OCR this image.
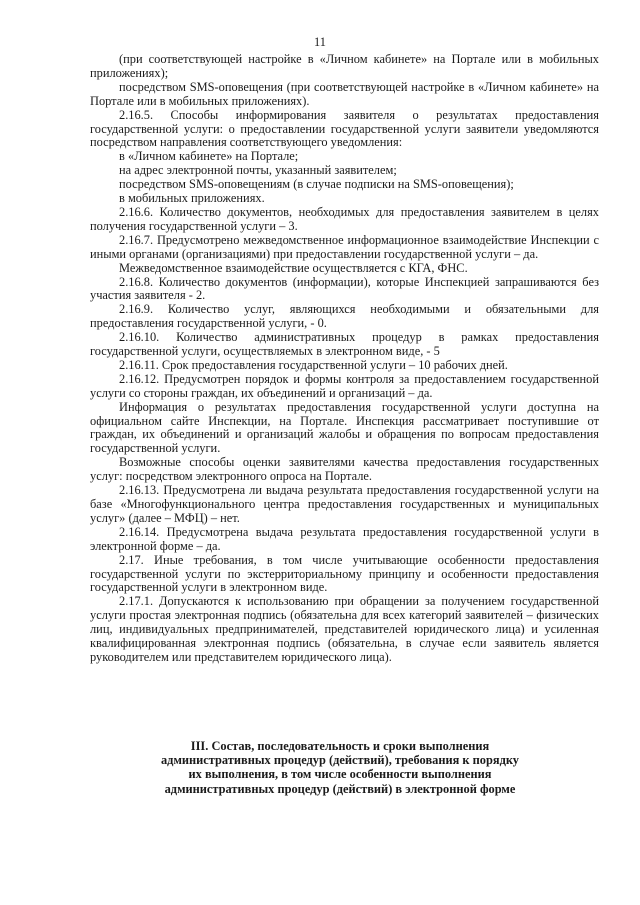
11

(при соответствующей настройке в «Личном кабинете» на Портале или в мобильных приложениях);

посредством SMS-оповещения (при соответствующей настройке в «Личном кабинете» на Портале или в мобильных приложениях).

2.16.5. Способы информирования заявителя о результатах предоставления государственной услуги: о предоставлении государственной услуги заявители уведомляются посредством направления соответствующего уведомления:

в «Личном кабинете» на Портале;

на адрес электронной почты, указанный заявителем;

посредством SMS-оповещениям (в случае подписки на SMS-оповещения);

в мобильных приложениях.

2.16.6. Количество документов, необходимых для предоставления заявителем в целях получения государственной услуги – 3.

2.16.7. Предусмотрено межведомственное информационное взаимодействие Инспекции с иными органами (организациями) при предоставлении государственной услуги – да.

Межведомственное взаимодействие осуществляется с КГА, ФНС.

2.16.8. Количество документов (информации), которые Инспекцией запрашиваются без участия заявителя - 2.

2.16.9. Количество услуг, являющихся необходимыми и обязательными для предоставления государственной услуги, - 0.

2.16.10. Количество административных процедур в рамках предоставления государственной услуги, осуществляемых в электронном виде, - 5

2.16.11. Срок предоставления государственной услуги – 10 рабочих дней.

2.16.12. Предусмотрен порядок и формы контроля за предоставлением государственной услуги со стороны граждан, их объединений и организаций – да.

Информация о результатах предоставления государственной услуги доступна на официальном сайте Инспекции, на Портале. Инспекция рассматривает поступившие от граждан, их объединений и организаций жалобы и обращения по вопросам предоставления государственной услуги.

Возможные способы оценки заявителями качества предоставления государственных услуг: посредством электронного опроса на Портале.

2.16.13. Предусмотрена ли выдача результата предоставления государственной услуги на базе «Многофункционального центра предоставления государственных и муниципальных услуг» (далее – МФЦ) – нет.

2.16.14. Предусмотрена выдача результата предоставления государственной услуги в электронной форме – да.

2.17. Иные требования, в том числе учитывающие особенности предоставления государственной услуги по экстерриториальному принципу и особенности предоставления государственной услуги в электронном виде.

2.17.1. Допускаются к использованию при обращении за получением государственной услуги простая электронная подпись (обязательна для всех категорий заявителей – физических лиц, индивидуальных предпринимателей, представителей юридического лица) и усиленная квалифицированная электронная подпись (обязательна, в случае если заявитель является руководителем или представителем юридического лица).

III. Состав, последовательность и сроки выполнения
административных процедур (действий), требования к порядку
их выполнения, в том числе особенности выполнения
административных процедур (действий) в электронной форме
